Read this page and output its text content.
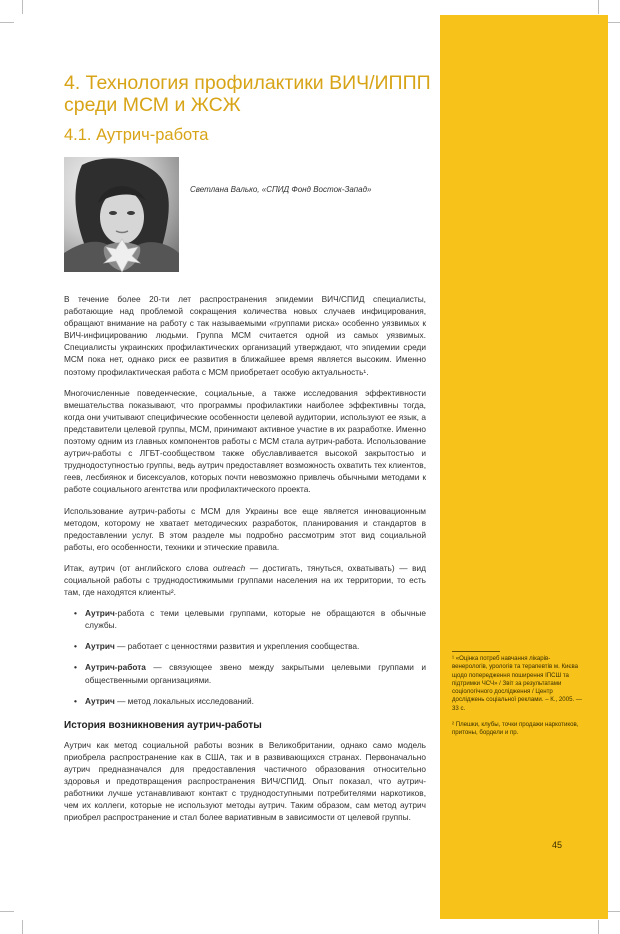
4. Технология профилактики ВИЧ/ИППП среди МСМ и ЖСЖ
4.1. Аутрич-работа
Светлана Валько, «СПИД Фонд Восток-Запад»

В течение более 20-ти лет распространения эпидемии ВИЧ/СПИД специалисты, работающие над проблемой сокращения количества новых случаев инфицирования, обращают внимание на работу с так называемыми «группами риска» особенно уязвимых к ВИЧ-инфицированию людьми. Группа МСМ считается одной из самых уязвимых. Специалисты украинских профилактических организаций утверждают, что эпидемии среди МСМ пока нет, однако риск ее развития в ближайшее время является высоким. Именно поэтому профилактическая работа с МСМ приобретает особую актуальность¹.

Многочисленные поведенческие, социальные, а также исследования эффективности вмешательства показывают, что программы профилактики наиболее эффективны тогда, когда они учитывают специфические особенности целевой аудитории, используют ее язык, а представители целевой группы, МСМ, принимают активное участие в их разработке. Именно поэтому одним из главных компонентов работы с МСМ стала аутрич-работа. Использование аутрич-работы с ЛГБТ-сообществом также обуславливается высокой закрытостью и труднодоступностью группы, ведь аутрич предоставляет возможность охватить тех клиентов, геев, лесбиянок и бисексуалов, которых почти невозможно привлечь обычными методами к работе социального агентства или профилактического проекта.

Использование аутрич-работы с МСМ для Украины все еще является инновационным методом, которому не хватает методических разработок, планирования и стандартов в предоставлении услуг. В этом разделе мы подробно рассмотрим этот вид социальной работы, его особенности, техники и этические правила.

Итак, аутрич (от английского слова outreach — достигать, тянуться, охватывать) — вид социальной работы с труднодостижимыми группами населения на их территории, то есть там, где находятся клиенты².

• Аутрич-работа с теми целевыми группами, которые не обращаются в обычные службы.
• Аутрич — работает с ценностями развития и укрепления сообщества.
• Аутрич-работа — связующее звено между закрытыми целевыми группами и общественными организациями.
• Аутрич — метод локальных исследований.
История возникновения аутрич-работы

Аутрич как метод социальной работы возник в Великобритании, однако само модель приобрела распространение как в США, так и в развивающихся странах. Первоначально аутрич предназначался для предоставления частичного образования относительно здоровья и предотвращения распространения ВИЧ/СПИД. Опыт показал, что аутрич-работники лучше устанавливают контакт с труднодоступными потребителями наркотиков, чем их коллеги, которые не используют методы аутрич. Таким образом, сам метод аутрич приобрел распространение и стал более вариативным в зависимости от целевой группы.

¹ «Оцінка потреб навчання лікарів-венерологів, урологів та терапевтів м. Києва щодо попередження поширення ІПСШ та підтримки ЧСЧ» / Звіт за результатами соціологічного дослідження / Центр досліджень соціальної реклами. – К., 2005. — 33 с.

² Плешки, клубы, точки продажи наркотиков, притоны, бордели и пр.

45
